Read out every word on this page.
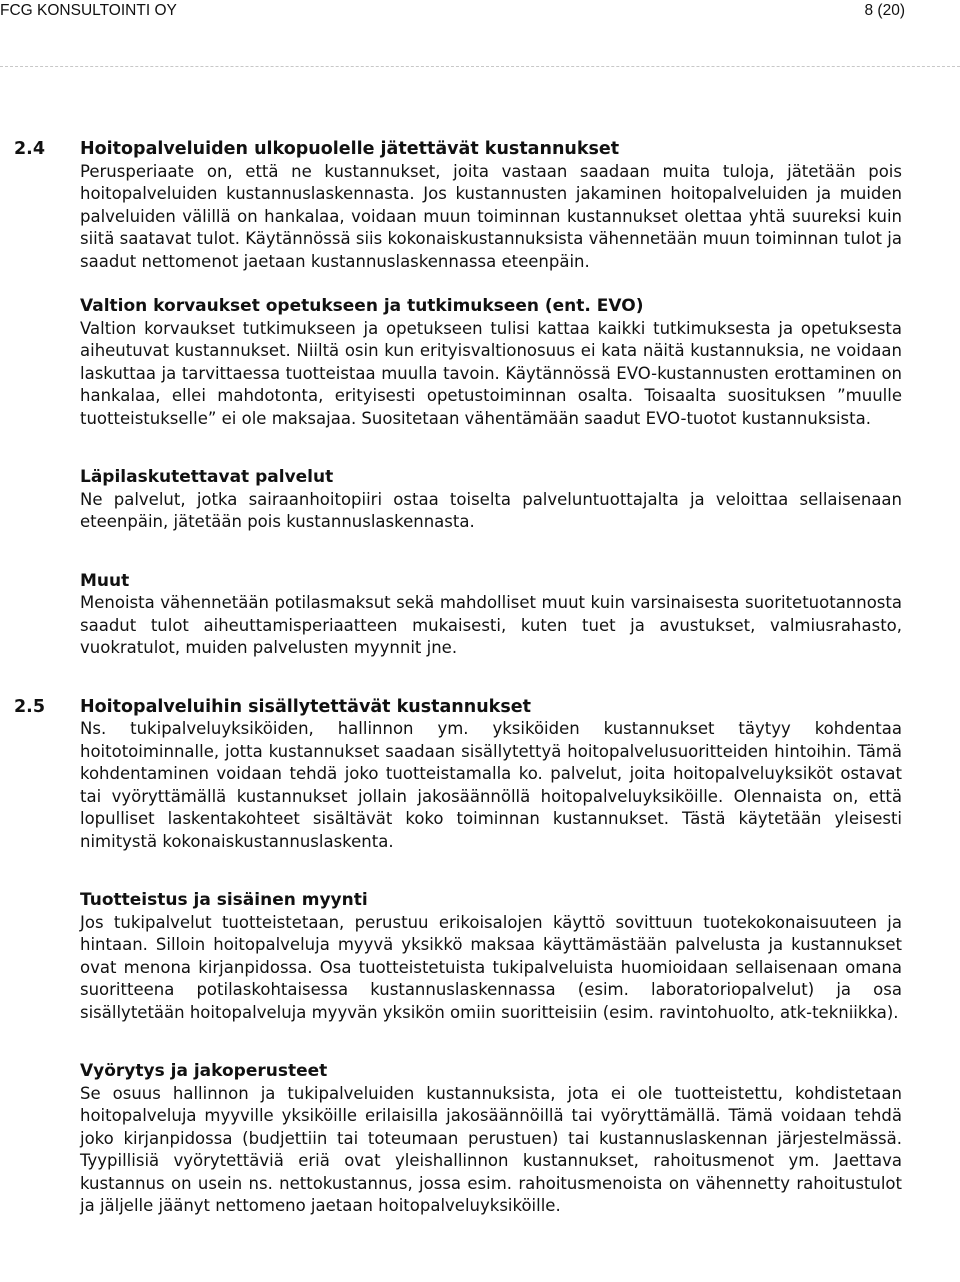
FCG KONSULTOINTI OY	8 (20)
2.4 Hoitopalveluiden ulkopuolelle jätettävät kustannukset

Perusperiaate on, että ne kustannukset, joita vastaan saadaan muita tuloja, jätetään pois hoitopalveluiden kustannuslaskennasta. Jos kustannusten jakaminen hoitopalveluiden ja muiden palveluiden välillä on hankalaa, voidaan muun toiminnan kustannukset olettaa yhtä suureksi kuin siitä saatavat tulot. Käytännössä siis kokonaiskustannuksista vähennetään muun toiminnan tulot ja saadut nettomenot jaetaan kustannuslaskennassa eteenpäin.

Valtion korvaukset opetukseen ja tutkimukseen (ent. EVO)

Valtion korvaukset tutkimukseen ja opetukseen tulisi kattaa kaikki tutkimuksesta ja opetuksesta aiheutuvat kustannukset. Niiltä osin kun erityisvaltionosuus ei kata näitä kustannuksia, ne voidaan laskuttaa ja tarvittaessa tuotteistaa muulla tavoin. Käytännössä EVO-kustannusten erottaminen on hankalaa, ellei mahdotonta, erityisesti opetustoiminnan osalta. Toisaalta suosituksen ”muulle tuotteistukselle” ei ole maksajaa. Suositetaan vähentämään saadut EVO-tuotot kustannuksista.

Läpilaskutettavat palvelut

Ne palvelut, jotka sairaanhoitopiiri ostaa toiselta palveluntuottajalta ja veloittaa sellaisenaan eteenpäin, jätetään pois kustannuslaskennasta.

Muut

Menoista vähennetään potilasmaksut sekä mahdolliset muut kuin varsinaisesta suoritetuotannosta saadut tulot aiheuttamisperiaatteen mukaisesti, kuten tuet ja avustukset, valmiusrahasto, vuokratulot, muiden palvelusten myynnit jne.

2.5 Hoitopalveluihin sisällytettävät kustannukset

Ns. tukipalveluyksiköiden, hallinnon ym. yksiköiden kustannukset täytyy kohdentaa hoitotoiminnalle, jotta kustannukset saadaan sisällytettyä hoitopalvelusuoritteiden hintoihin. Tämä kohdentaminen voidaan tehdä joko tuotteistamalla ko. palvelut, joita hoitopalveluyksiköt ostavat tai vyöryttämällä kustannukset jollain jakosäännöllä hoitopalveluyksiköille. Olennaista on, että lopulliset laskentakohteet sisältävät koko toiminnan kustannukset. Tästä käytetään yleisesti nimitystä kokonaiskustannuslaskenta.

Tuotteistus ja sisäinen myynti

Jos tukipalvelut tuotteistetaan, perustuu erikoisalojen käyttö sovittuun tuotekokonaisuuteen ja hintaan. Silloin hoitopalveluja myyvä yksikkö maksaa käyttämästään palvelusta ja kustannukset ovat menona kirjanpidossa. Osa tuotteistetuista tukipalveluista huomioidaan sellaisenaan omana suoritteena potilaskohtaisessa kustannuslaskennassa (esim. laboratoriopalvelut) ja osa sisällytetään hoitopalveluja myyvän yksikön omiin suoritteisiin (esim. ravintohuolto, atk-tekniikka).

Vyörytys ja jakoperusteet

Se osuus hallinnon ja tukipalveluiden kustannuksista, jota ei ole tuotteistettu, kohdistetaan hoitopalveluja myyville yksiköille erilaisilla jakosäännöillä tai vyöryttämällä. Tämä voidaan tehdä joko kirjanpidossa (budjettiin tai toteumaan perustuen) tai kustannuslaskennan järjestelmässä. Tyypillisiä vyörytettäviä eriä ovat yleishallinnon kustannukset, rahoitusmenot ym. Jaettava kustannus on usein ns. nettokustannus, jossa esim. rahoitusmenoista on vähennetty rahoitustulot ja jäljelle jäänyt nettomeno jaetaan hoitopalveluyksiköille.
